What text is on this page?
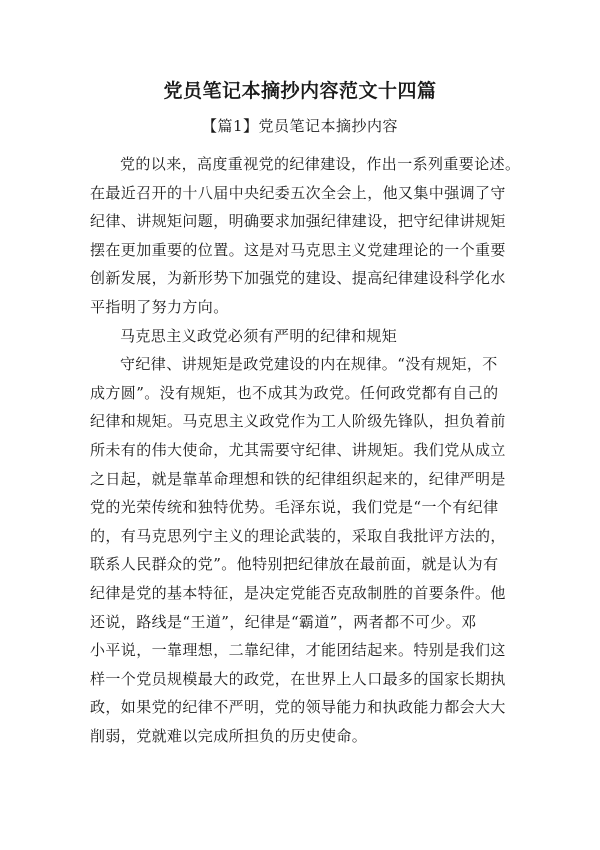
党员笔记本摘抄内容范文十四篇

【篇1】党员笔记本摘抄内容

党的以来，高度重视党的纪律建设，作出一系列重要论述。
在最近召开的十八届中央纪委五次全会上，他又集中强调了守
纪律、讲规矩问题，明确要求加强纪律建设，把守纪律讲规矩
摆在更加重要的位置。这是对马克思主义党建理论的一个重要
创新发展，为新形势下加强党的建设、提高纪律建设科学化水
平指明了努力方向。
马克思主义政党必须有严明的纪律和规矩
守纪律、讲规矩是政党建设的内在规律。“没有规矩，不
成方圆”。没有规矩，也不成其为政党。任何政党都有自己的
纪律和规矩。马克思主义政党作为工人阶级先锋队，担负着前
所未有的伟大使命，尤其需要守纪律、讲规矩。我们党从成立
之日起，就是靠革命理想和铁的纪律组织起来的，纪律严明是
党的光荣传统和独特优势。毛泽东说，我们党是“一个有纪律
的，有马克思列宁主义的理论武装的，采取自我批评方法的，
联系人民群众的党”。他特别把纪律放在最前面，就是认为有
纪律是党的基本特征，是决定党能否克敌制胜的首要条件。他
还说，路线是“王道”，纪律是“霸道”，两者都不可少。邓
小平说，一靠理想，二靠纪律，才能团结起来。特别是我们这
样一个党员规模最大的政党，在世界上人口最多的国家长期执
政，如果党的纪律不严明，党的领导能力和执政能力都会大大
削弱，党就难以完成所担负的历史使命。
